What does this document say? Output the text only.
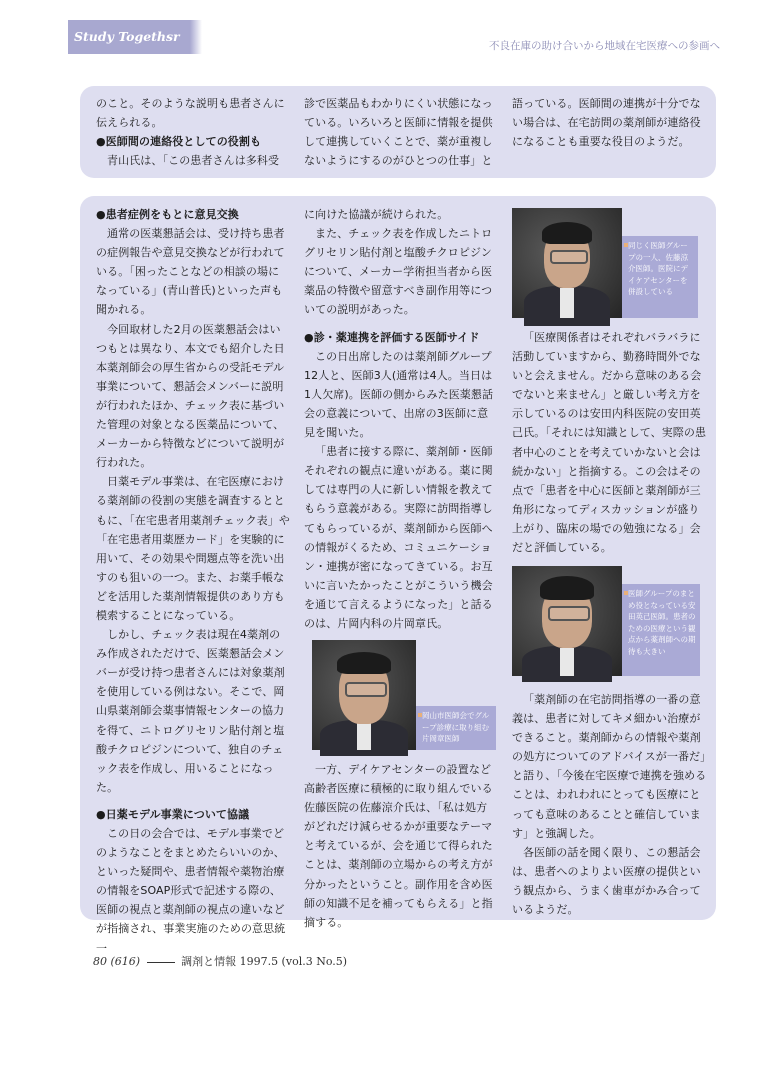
Study Togethsr
不良在庫の助け合いから地域在宅医療への参画へ

のこと。そのような説明も患者さんに伝えられる。

●医師間の連絡役としての役割も

青山氏は、「この患者さんは多科受

診で医薬品もわかりにくい状態になっている。いろいろと医師に情報を提供して連携していくことで、薬が重複しないようにするのがひとつの仕事」と

語っている。医師間の連携が十分でない場合は、在宅訪問の薬剤師が連絡役になることも重要な役目のようだ。

●患者症例をもとに意見交換

通常の医薬懇話会は、受け持ち患者の症例報告や意見交換などが行われている。「困ったことなどの相談の場になっている」(青山普氏)といった声も聞かれる。

今回取材した2月の医薬懇話会はいつもとは異なり、本文でも紹介した日本薬剤師会の厚生省からの受託モデル事業について、懇話会メンバーに説明が行われたほか、チェック表に基づいた管理の対象となる医薬品について、メーカーから特徴などについて説明が行われた。

日薬モデル事業は、在宅医療における薬剤師の役割の実態を調査するとともに、「在宅患者用薬剤チェック表」や「在宅患者用薬歴カード」を実験的に用いて、その効果や問題点等を洗い出すのも狙いの一つ。また、お薬手帳などを活用した薬剤情報提供のあり方も模索することになっている。

しかし、チェック表は現在4薬剤のみ作成されただけで、医薬懇話会メンバーが受け持つ患者さんには対象薬剤を使用している例はない。そこで、岡山県薬剤師会薬事情報センターの協力を得て、ニトログリセリン貼付剤と塩酸チクロピジンについて、独自のチェック表を作成し、用いることになった。

●日薬モデル事業について協議

この日の会合では、モデル事業でどのようなことをまとめたらいいのか、といった疑問や、患者情報や薬物治療の情報をSOAP形式で記述する際の、医師の視点と薬剤師の視点の違いなどが指摘され、事業実施のための意思統一

に向けた協議が続けられた。

また、チェック表を作成したニトログリセリン貼付剤と塩酸チクロピジンについて、メーカー学術担当者から医薬品の特徴や留意すべき副作用等についての説明があった。

●診・薬連携を評価する医師サイド

この日出席したのは薬剤師グループ12人と、医師3人(通常は4人。当日は1人欠席)。医師の側からみた医薬懇話会の意義について、出席の3医師に意見を聞いた。

「患者に接する際に、薬剤師・医師それぞれの観点に違いがある。薬に関しては専門の人に新しい情報を教えてもらう意義がある。実際に訪問指導してもらっているが、薬剤師から医師への情報がくるため、コミュニケーション・連携が密になってきている。お互いに言いたかったことがこういう機会を通じて言えるようになった」と話るのは、片岡内科の片岡章氏。

一方、デイケアセンターの設置など高齢者医療に積極的に取り組んでいる佐藤医院の佐藤涼介氏は、「私は処方がどれだけ減らせるかが重要なテーマと考えているが、会を通じて得られたことは、薬剤師の立場からの考え方が分かったということ。副作用を含め医師の知識不足を補ってもらえる」と指摘する。

「医療関係者はそれぞれバラバラに活動していますから、勤務時間外でないと会えません。だから意味のある会でないと来ません」と厳しい考え方を示しているのは安田内科医院の安田英己氏。「それには知識として、実際の患者中心のことを考えていかないと会は続かない」と指摘する。この会はその点で「患者を中心に医師と薬剤師が三角形になってディスカッションが盛り上がり、臨床の場での勉強になる」会だと評価している。

「薬剤師の在宅訪問指導の一番の意義は、患者に対してキメ細かい治療ができること。薬剤師からの情報や薬剤の処方についてのアドバイスが一番だ」と語り、「今後在宅医療で連携を強めることは、われわれにとっても医療にとっても意味のあることと確信しています」と強調した。

各医師の話を聞く限り、この懇話会は、患者へのよりよい医療の提供という観点から、うまく歯車がかみ合っているようだ。

同じく医師グループの一人、佐藤涼介医師。医院にデイケアセンターを併設している
医師グループのまとめ役となっている安田英己医師。患者のための医療という観点から薬剤師への期待も大きい
岡山市医師会でグループ診療に取り組む片岡章医師
80 (616)	調剤と情報 1997.5 (vol.3 No.5)
